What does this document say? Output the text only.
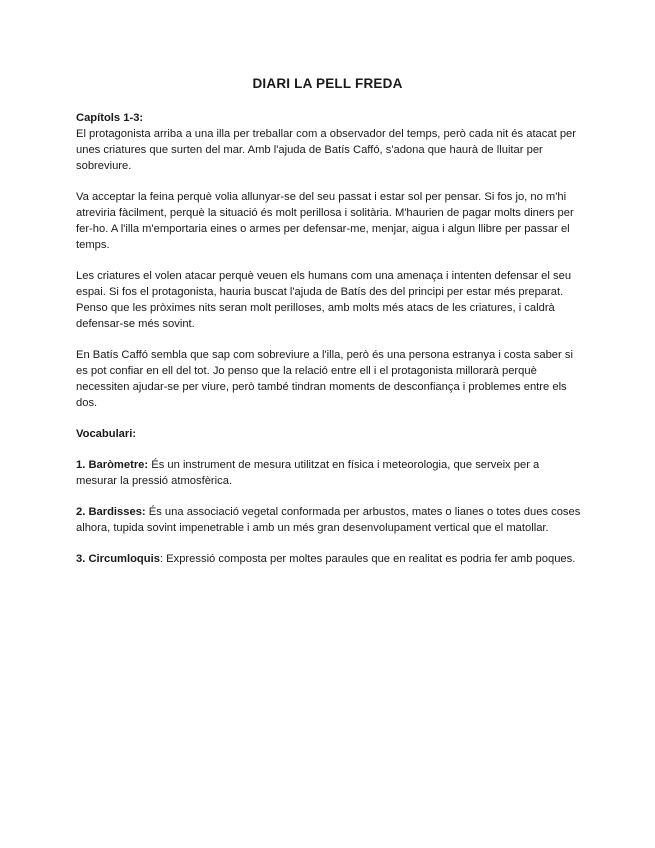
DIARI LA PELL FREDA

Capítols 1-3:
El protagonista arriba a una illa per treballar com a observador del temps, però cada nit és atacat per unes criatures que surten del mar. Amb l'ajuda de Batís Caffó, s'adona que haurà de lluitar per sobreviure.

Va acceptar la feina perquè volia allunyar-se del seu passat i estar sol per pensar. Si fos jo, no m'hi atreviria fàcilment, perquè la situació és molt perillosa i solitària. M'haurien de pagar molts diners per fer-ho. A l'illa m'emportaria eines o armes per defensar-me, menjar, aigua i algun llibre per passar el temps.

Les criatures el volen atacar perquè veuen els humans com una amenaça i intenten defensar el seu espai. Si fos el protagonista, hauria buscat l'ajuda de Batís des del principi per estar més preparat. Penso que les pròximes nits seran molt perilloses, amb molts més atacs de les criatures, i caldrà defensar-se més sovint.

En Batís Caffó sembla que sap com sobreviure a l'illa, però és una persona estranya i costa saber si es pot confiar en ell del tot. Jo penso que la relació entre ell i el protagonista millorarà perquè necessiten ajudar-se per viure, però també tindran moments de desconfiança i problemes entre els dos.

Vocabulari:

1. Baròmetre: És un instrument de mesura utilitzat en física i meteorologia, que serveix per a mesurar la pressió atmosfèrica.

2. Bardisses: És una associació vegetal conformada per arbustos, mates o lianes o totes dues coses alhora, tupida sovint impenetrable i amb un més gran desenvolupament vertical que el matollar.

3. Circumloquis: Expressió composta per moltes paraules que en realitat es podria fer amb poques.
